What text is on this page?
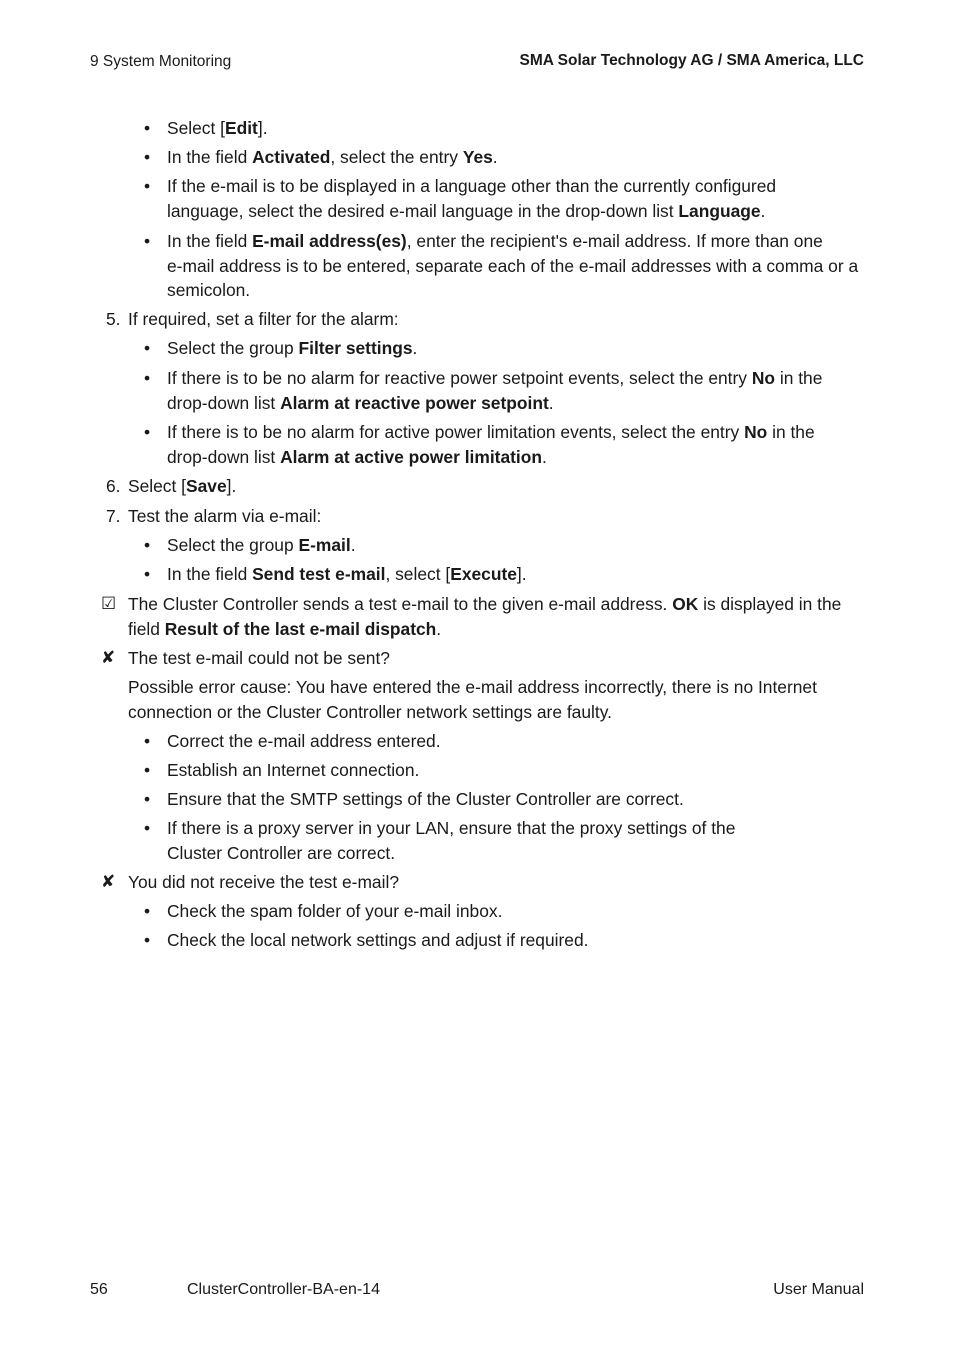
9 System Monitoring	SMA Solar Technology AG / SMA America, LLC
• Select [Edit].
• In the field Activated, select the entry Yes.
• If the e-mail is to be displayed in a language other than the currently configured
language, select the desired e-mail language in the drop-down list Language.
• In the field E-mail address(es), enter the recipient's e-mail address. If more than one
e-mail address is to be entered, separate each of the e-mail addresses with a comma or a
semicolon.
5. If required, set a filter for the alarm:
• Select the group Filter settings.
• If there is to be no alarm for reactive power setpoint events, select the entry No in the
drop-down list Alarm at reactive power setpoint.
• If there is to be no alarm for active power limitation events, select the entry No in the
drop-down list Alarm at active power limitation.
6. Select [Save].
7. Test the alarm via e-mail:
• Select the group E-mail.
• In the field Send test e-mail, select [Execute].
☑ The Cluster Controller sends a test e-mail to the given e-mail address. OK is displayed in the
field Result of the last e-mail dispatch.
✘ The test e-mail could not be sent?
Possible error cause: You have entered the e-mail address incorrectly, there is no Internet
connection or the Cluster Controller network settings are faulty.
• Correct the e-mail address entered.
• Establish an Internet connection.
• Ensure that the SMTP settings of the Cluster Controller are correct.
• If there is a proxy server in your LAN, ensure that the proxy settings of the
Cluster Controller are correct.
✘ You did not receive the test e-mail?
• Check the spam folder of your e-mail inbox.
• Check the local network settings and adjust if required.
56	ClusterController-BA-en-14	User Manual
